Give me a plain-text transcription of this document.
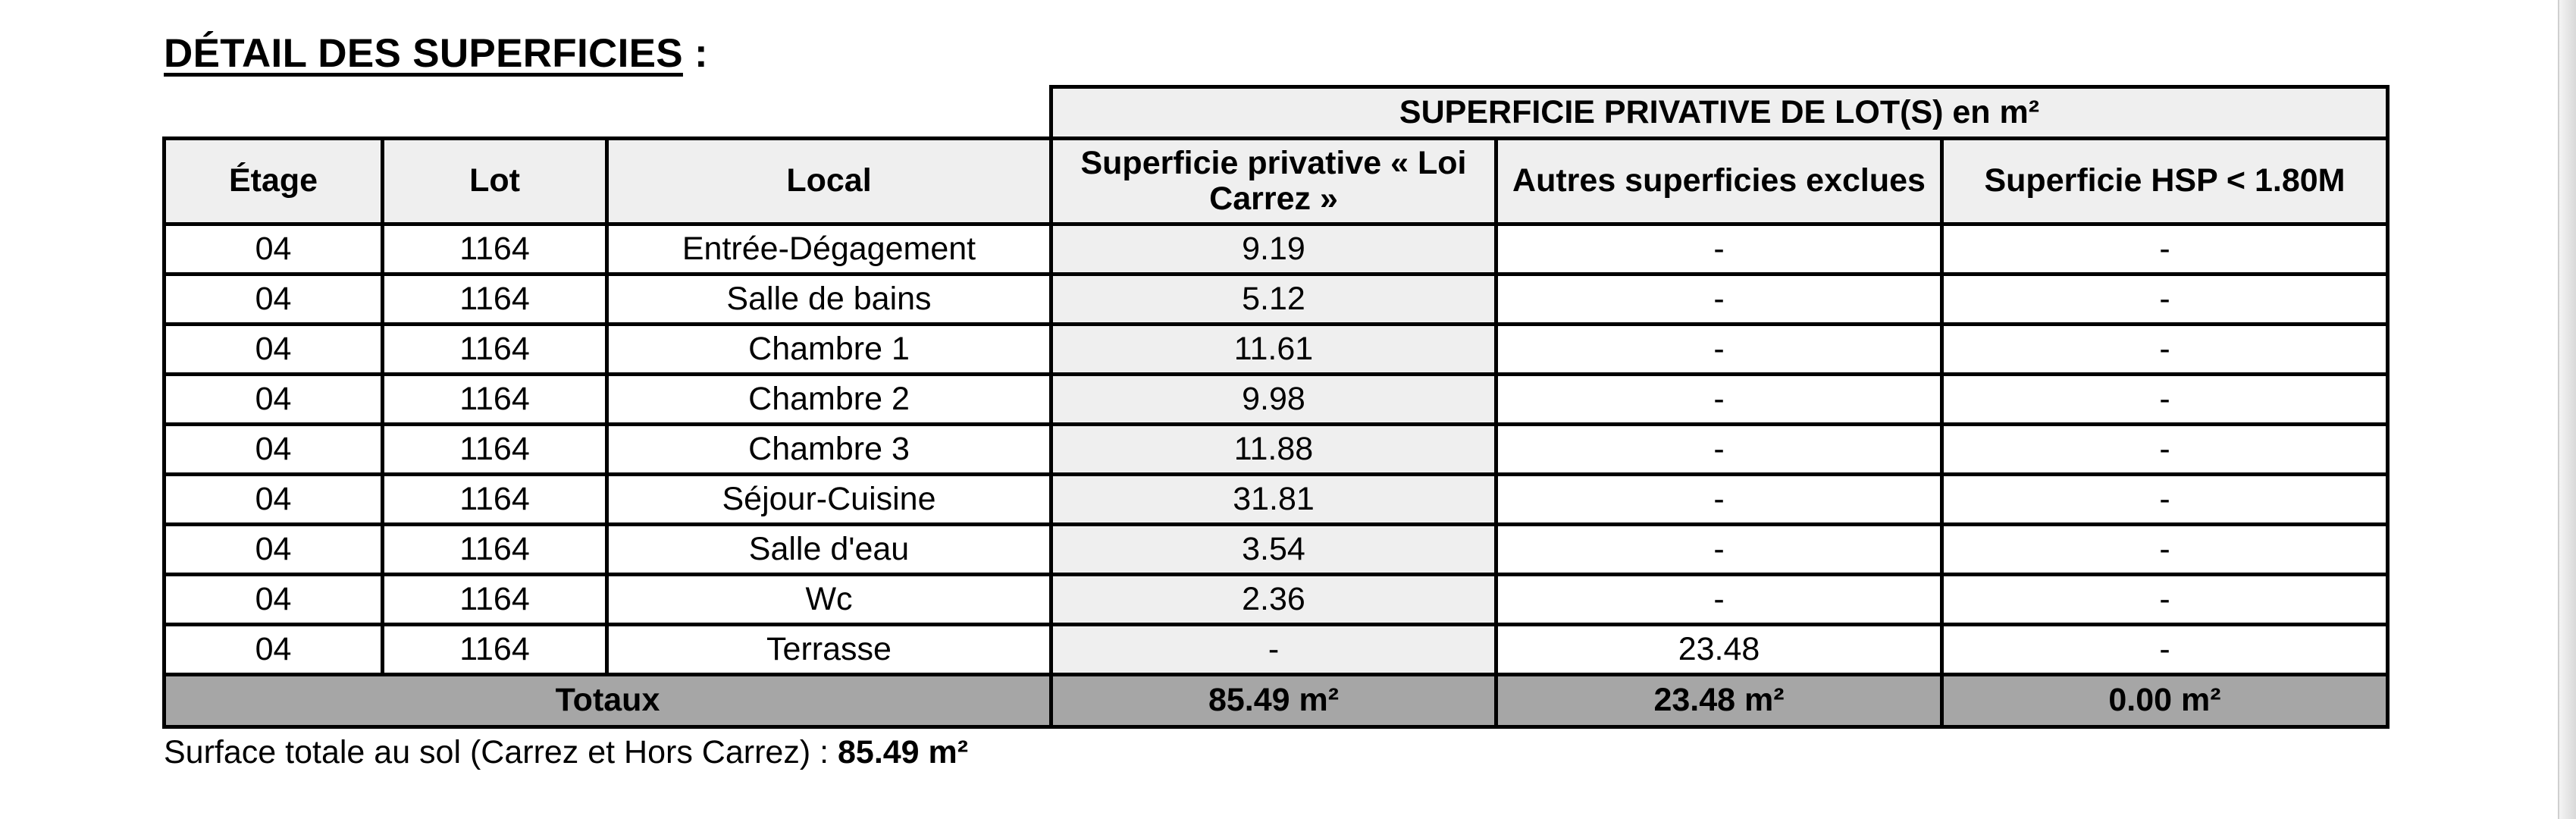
DÉTAIL DES SUPERFICIES :
			SUPERFICIE PRIVATIVE DE LOT(S) en m²		
Étage	Lot	Local	Superficie privative « Loi Carrez »	Autres superficies exclues	Superficie HSP < 1.80M
04	1164	Entrée-Dégagement	9.19	-	-
04	1164	Salle de bains	5.12	-	-
04	1164	Chambre 1	11.61	-	-
04	1164	Chambre 2	9.98	-	-
04	1164	Chambre 3	11.88	-	-
04	1164	Séjour-Cuisine	31.81	-	-
04	1164	Salle d'eau	3.54	-	-
04	1164	Wc	2.36	-	-
04	1164	Terrasse	-	23.48	-
Totaux			85.49 m²	23.48 m²	0.00 m²
Surface totale au sol (Carrez et Hors Carrez) : 85.49 m²
